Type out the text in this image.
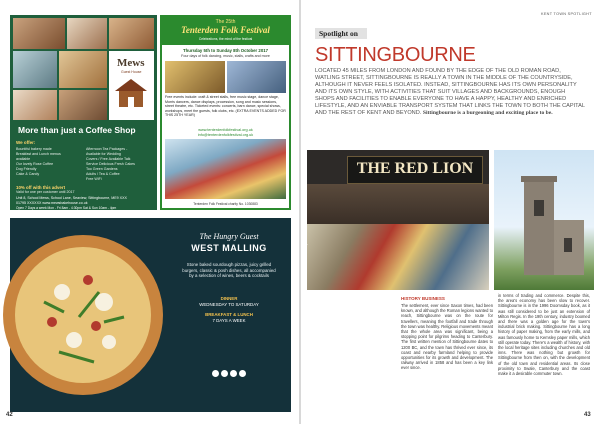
Mews
Guest House
More than just a Coffee Shop
We offer:
Bountiful bakery made
Breakfast and Lunch menus
available
Our lovely Rose Coffee
Dog Friendly
Cake & Candy
Afternoon Tea Packages -
Available for Wedding
Covers / Free Available Talk
Service Delicious Fresh Cakes
Too Green Gardens
Adults / Tea & Coffee
Free WiFi
10% off with this advert
Valid for one per customer until 2017
Unit 8, School Mews, School Lane, Seaview, Sittingbourne, ME9 XXX
01795 XXXXXX www.mewsbakehouse.co.uk
Open 7 Days a week Mon - Fri 8am - 4:30pm Sat & Sun 10am - 4pm
The 25th
Tenterden Folk Festival
Celebrations, the mind of the festival
Thursday 5th to Sunday 8th October 2017
Four days of folk dancing, music, stalls, crafts and more
Free events include: craft & street stalls, free music stage, dance stage, Morris dancers, dance displays, procession, song and music sessions, street theatre, etc. Ticketed events: concerts, barn dance, special shows, workshops, meet the guests, folk clubs, etc. (EXTRA EVENTS ADDED FOR THIS 25TH YEAR)
www.tenterdenfolkfestival.org.uk
info@tenterdenfolkfestival.org.uk
Tenterden Folk Festival charity No. 1030883
The Hungry Guest
WEST MALLING
Stone baked sourdough pizzas, juicy grilled burgers, classic & posh dishes, all accompanied by a selection of wines, beers & cocktails
DINNER
WEDNESDAY TO SATURDAY
BREAKFAST & LUNCH
7 DAYS A WEEK
95 HIGH STREET, WEST MALLING
thehungryguest.com • 01732 873 766
42
KENT TOWN SPOTLIGHT
Spotlight on
SITTINGBOURNE
LOCATED 45 MILES FROM LONDON AND FOUND BY THE EDGE OF THE OLD ROMAN ROAD, WATLING STREET, SITTINGBOURNE IS REALLY A TOWN IN THE MIDDLE OF THE COUNTRYSIDE, ALTHOUGH IT NEVER FEELS ISOLATED. INSTEAD, SITTINGBOURNE HAS ITS OWN PERSONALITY AND ITS OWN STYLE, WITH ACTIVITIES THAT SUIT VILLAGES AND BACKGROUNDS, ENOUGH SHOPS AND FACILITIES TO ENABLE EVERYONE TO HAVE A HAPPY, HEALTHY AND ENRICHED LIFESTYLE, AND AN ENVIABLE TRANSPORT SYSTEM THAT LINKS THE TOWN TO BOTH THE CAPITAL AND THE REST OF KENT AND BEYOND. Sittingbourne is a burgeoning and exciting place to be.
THE RED LION
Photo from Wikipedia
HISTORY BUSINESS
The settlement, ever since Saxon times, had been known, and although the Roman legions wanted to reach, Sittingbourne was on the route for travellers, meaning the footfall and trade through the town was healthy. Religious movements meant that the whole area was significant, being a stopping point for pilgrims heading to Canterbury. The first written mention of Sittingbourne dates to 1200 BC, and the town has thrived ever since, its coast and nearby farmland helping to provide opportunities for its growth and development. The railway arrived in 1858 and has been a key link ever since.
in terms of trading and commerce. Despite this, the area's economy has been slow to recover. Sittingbourne is in the 1996 Doomsday book, as it was still considered to be just an extension of Milton Regis. In the 19th century, industry boomed and there was a golden age for the town's industrial brick making. Sittingbourne has a long history of paper making, from the early mills, and was famously home to Kemsley paper mills, which still operate today. There's a wealth of history, with the local heritage sites including churches and old inns. There was nothing but growth for Sittingbourne from then on, with the development of the old town and residential areas. Its close proximity to Swale, Canterbury and the coast make it a desirable commuter town.
43
